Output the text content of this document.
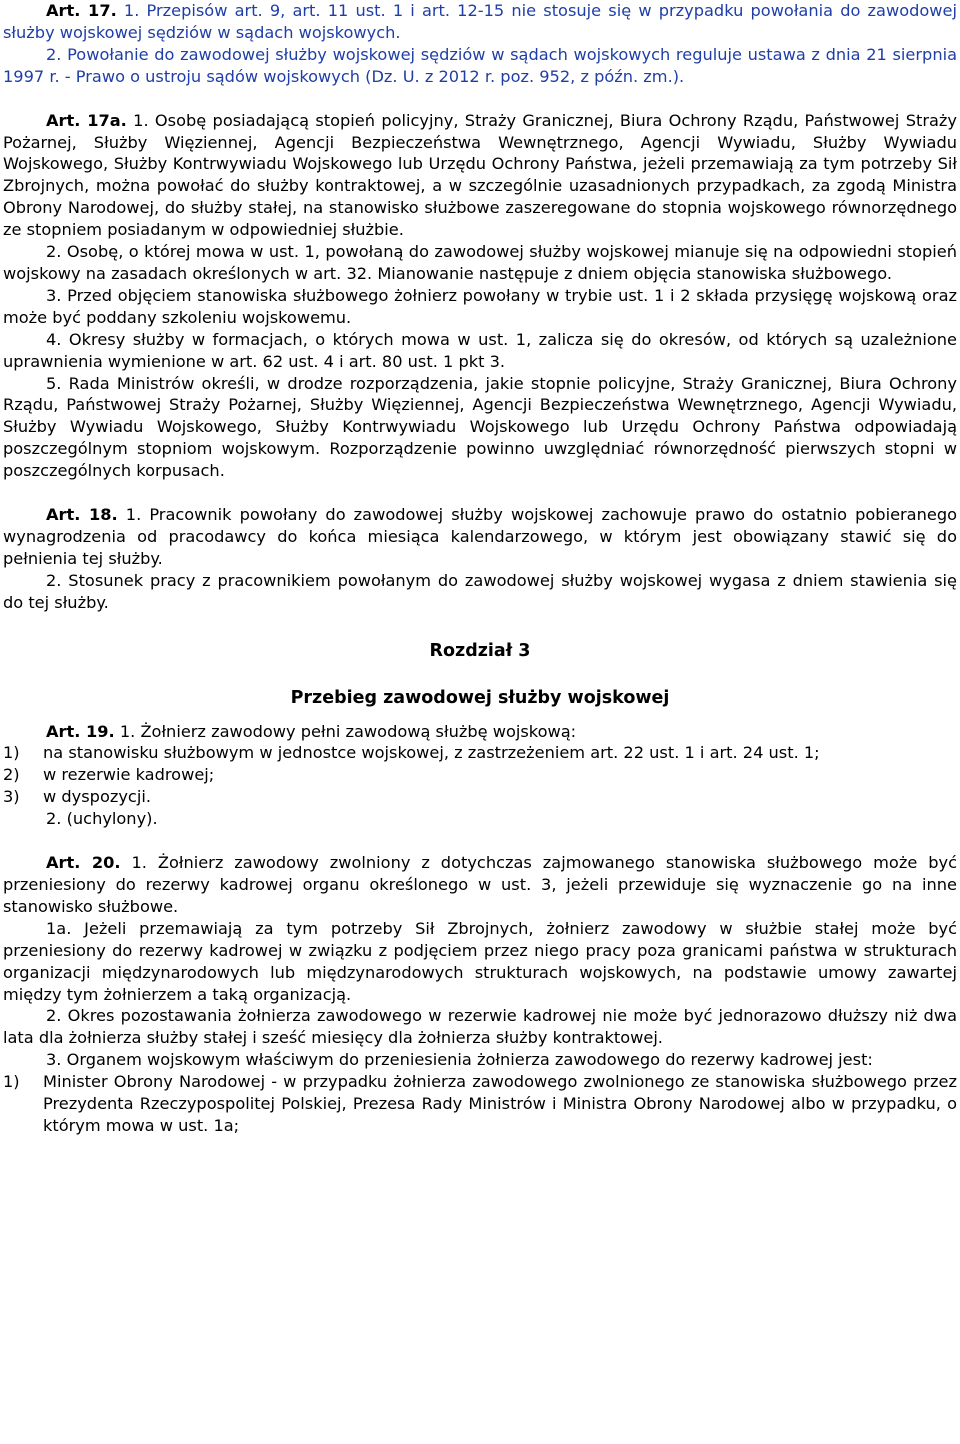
Art. 17. 1. Przepisów art. 9, art. 11 ust. 1 i art. 12-15 nie stosuje się w przypadku powołania do zawodowej służby wojskowej sędziów w sądach wojskowych.

2. Powołanie do zawodowej służby wojskowej sędziów w sądach wojskowych reguluje ustawa z dnia 21 sierpnia 1997 r. - Prawo o ustroju sądów wojskowych (Dz. U. z 2012 r. poz. 952, z późn. zm.).

Art. 17a. 1. Osobę posiadającą stopień policyjny, Straży Granicznej, Biura Ochrony Rządu, Państwowej Straży Pożarnej, Służby Więziennej, Agencji Bezpieczeństwa Wewnętrznego, Agencji Wywiadu, Służby Wywiadu Wojskowego, Służby Kontrwywiadu Wojskowego lub Urzędu Ochrony Państwa, jeżeli przemawiają za tym potrzeby Sił Zbrojnych, można powołać do służby kontraktowej, a w szczególnie uzasadnionych przypadkach, za zgodą Ministra Obrony Narodowej, do służby stałej, na stanowisko służbowe zaszeregowane do stopnia wojskowego równorzędnego ze stopniem posiadanym w odpowiedniej służbie.

2. Osobę, o której mowa w ust. 1, powołaną do zawodowej służby wojskowej mianuje się na odpowiedni stopień wojskowy na zasadach określonych w art. 32. Mianowanie następuje z dniem objęcia stanowiska służbowego.

3. Przed objęciem stanowiska służbowego żołnierz powołany w trybie ust. 1 i 2 składa przysięgę wojskową oraz może być poddany szkoleniu wojskowemu.

4. Okresy służby w formacjach, o których mowa w ust. 1, zalicza się do okresów, od których są uzależnione uprawnienia wymienione w art. 62 ust. 4 i art. 80 ust. 1 pkt 3.

5. Rada Ministrów określi, w drodze rozporządzenia, jakie stopnie policyjne, Straży Granicznej, Biura Ochrony Rządu, Państwowej Straży Pożarnej, Służby Więziennej, Agencji Bezpieczeństwa Wewnętrznego, Agencji Wywiadu, Służby Wywiadu Wojskowego, Służby Kontrwywiadu Wojskowego lub Urzędu Ochrony Państwa odpowiadają poszczególnym stopniom wojskowym. Rozporządzenie powinno uwzględniać równorzędność pierwszych stopni w poszczególnych korpusach.

Art. 18. 1. Pracownik powołany do zawodowej służby wojskowej zachowuje prawo do ostatnio pobieranego wynagrodzenia od pracodawcy do końca miesiąca kalendarzowego, w którym jest obowiązany stawić się do pełnienia tej służby.

2. Stosunek pracy z pracownikiem powołanym do zawodowej służby wojskowej wygasa z dniem stawienia się do tej służby.

Rozdział 3

Przebieg zawodowej służby wojskowej

Art. 19. 1. Żołnierz zawodowy pełni zawodową służbę wojskową:

1) na stanowisku służbowym w jednostce wojskowej, z zastrzeżeniem art. 22 ust. 1 i art. 24 ust. 1;
2) w rezerwie kadrowej;
3) w dyspozycji.

2. (uchylony).

Art. 20. 1. Żołnierz zawodowy zwolniony z dotychczas zajmowanego stanowiska służbowego może być przeniesiony do rezerwy kadrowej organu określonego w ust. 3, jeżeli przewiduje się wyznaczenie go na inne stanowisko służbowe.

1a. Jeżeli przemawiają za tym potrzeby Sił Zbrojnych, żołnierz zawodowy w służbie stałej może być przeniesiony do rezerwy kadrowej w związku z podjęciem przez niego pracy poza granicami państwa w strukturach organizacji międzynarodowych lub międzynarodowych strukturach wojskowych, na podstawie umowy zawartej między tym żołnierzem a taką organizacją.

2. Okres pozostawania żołnierza zawodowego w rezerwie kadrowej nie może być jednorazowo dłuższy niż dwa lata dla żołnierza służby stałej i sześć miesięcy dla żołnierza służby kontraktowej.

3. Organem wojskowym właściwym do przeniesienia żołnierza zawodowego do rezerwy kadrowej jest:

1) Minister Obrony Narodowej - w przypadku żołnierza zawodowego zwolnionego ze stanowiska służbowego przez Prezydenta Rzeczypospolitej Polskiej, Prezesa Rady Ministrów i Ministra Obrony Narodowej albo w przypadku, o którym mowa w ust. 1a;
